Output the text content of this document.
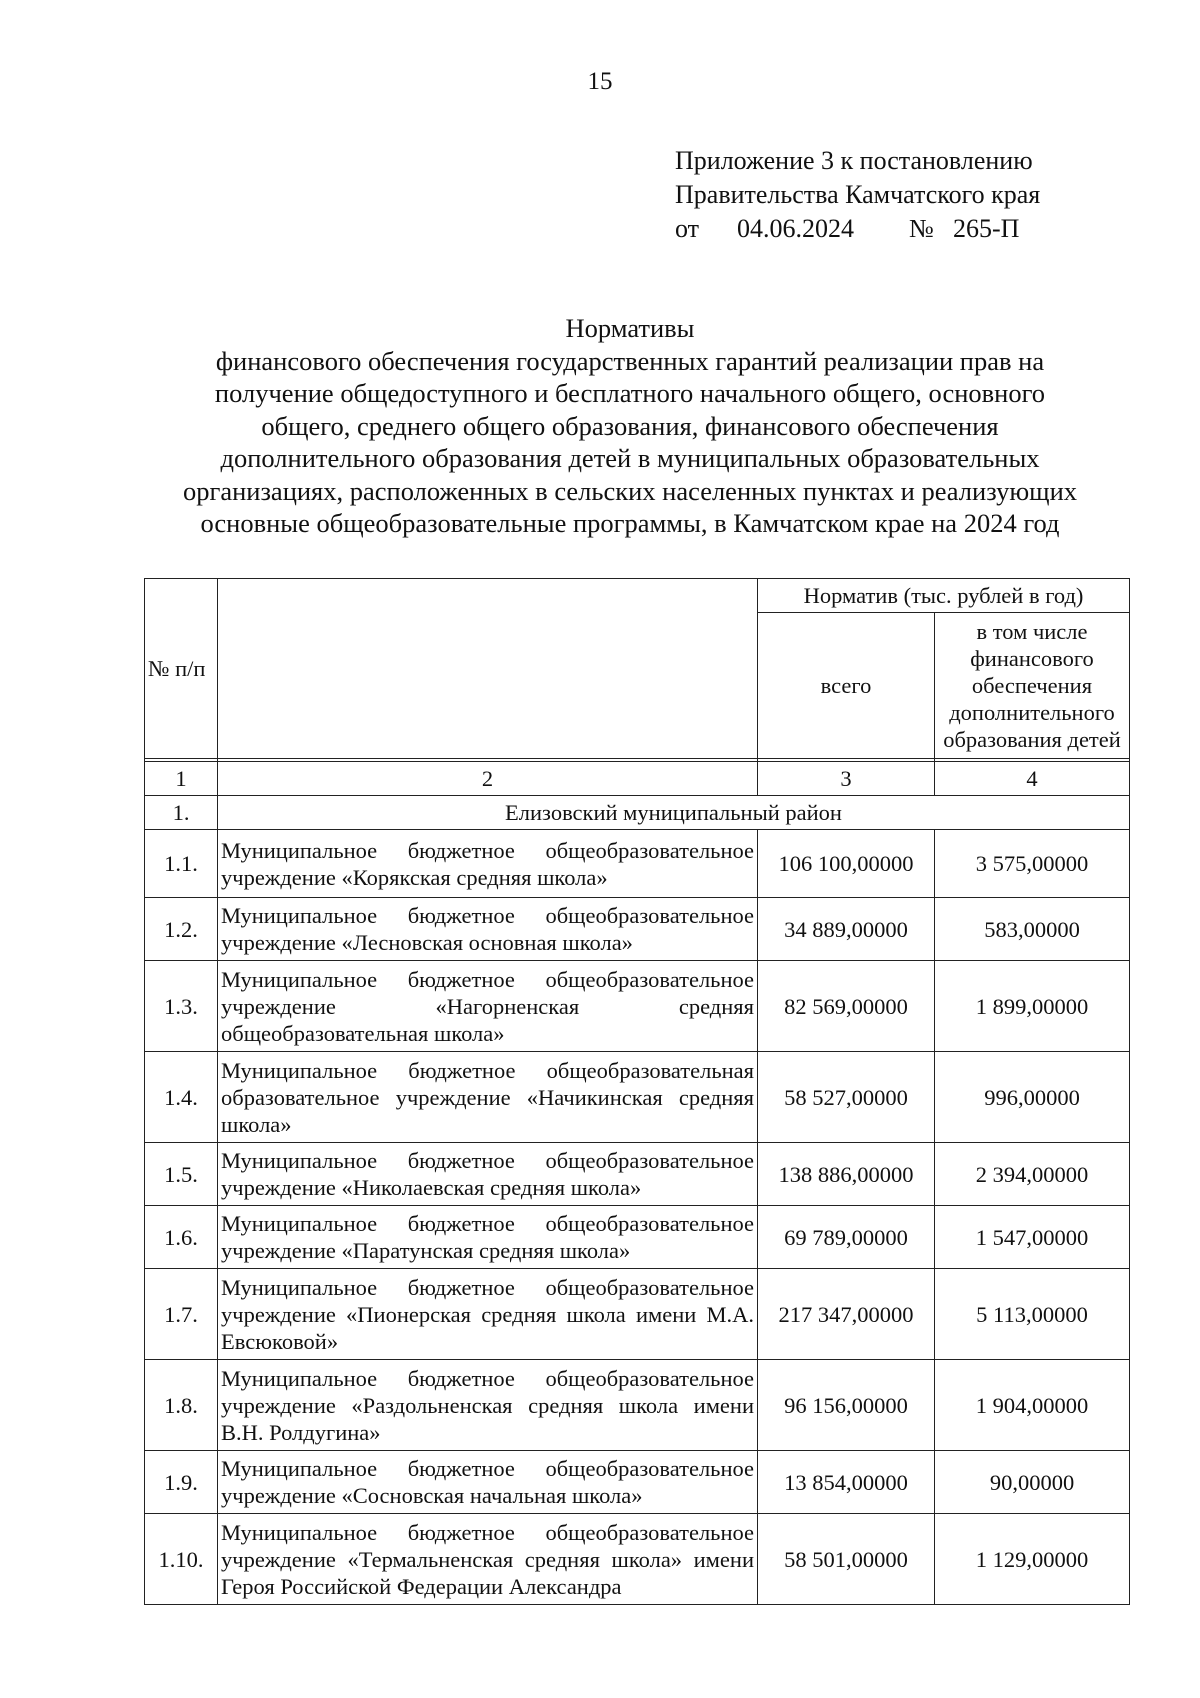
15
Приложение 3 к постановлению
Правительства Камчатского края
от	04.06.2024	№ 265-П
Нормативы
финансового обеспечения государственных гарантий реализации прав на
получение общедоступного и бесплатного начального общего, основного
общего, среднего общего образования, финансового обеспечения
дополнительного образования детей в муниципальных образовательных
организациях, расположенных в сельских населенных пунктах и реализующих
основные общеобразовательные программы, в Камчатском крае на 2024 год
№ п/п		Норматив (тыс. рублей в год)	
		всего	в том числе финансового обеспечения дополнительного образования детей

1	2	3	4
1.	Елизовский муниципальный район		
1.1.	Муниципальное бюджетное общеобразовательное учреждение «Корякская средняя школа»	106 100,00000	3 575,00000
1.2.	Муниципальное бюджетное общеобразовательное учреждение «Лесновская основная школа»	34 889,00000	583,00000
1.3.	Муниципальное бюджетное общеобразовательное учреждение «Нагорненская средняя общеобразовательная школа»	82 569,00000	1 899,00000
1.4.	Муниципальное бюджетное общеобразовательная образовательное учреждение «Начикинская средняя школа»	58 527,00000	996,00000
1.5.	Муниципальное бюджетное общеобразовательное учреждение «Николаевская средняя школа»	138 886,00000	2 394,00000
1.6.	Муниципальное бюджетное общеобразовательное учреждение «Паратунская средняя школа»	69 789,00000	1 547,00000
1.7.	Муниципальное бюджетное общеобразовательное учреждение «Пионерская средняя школа имени М.А. Евсюковой»	217 347,00000	5 113,00000
1.8.	Муниципальное бюджетное общеобразовательное учреждение «Раздольненская средняя школа имени В.Н. Ролдугина»	96 156,00000	1 904,00000
1.9.	Муниципальное бюджетное общеобразовательное учреждение «Сосновская начальная школа»	13 854,00000	90,00000
1.10.	Муниципальное бюджетное общеобразовательное учреждение «Термальненская средняя школа» имени Героя Российской Федерации Александра	58 501,00000	1 129,00000
